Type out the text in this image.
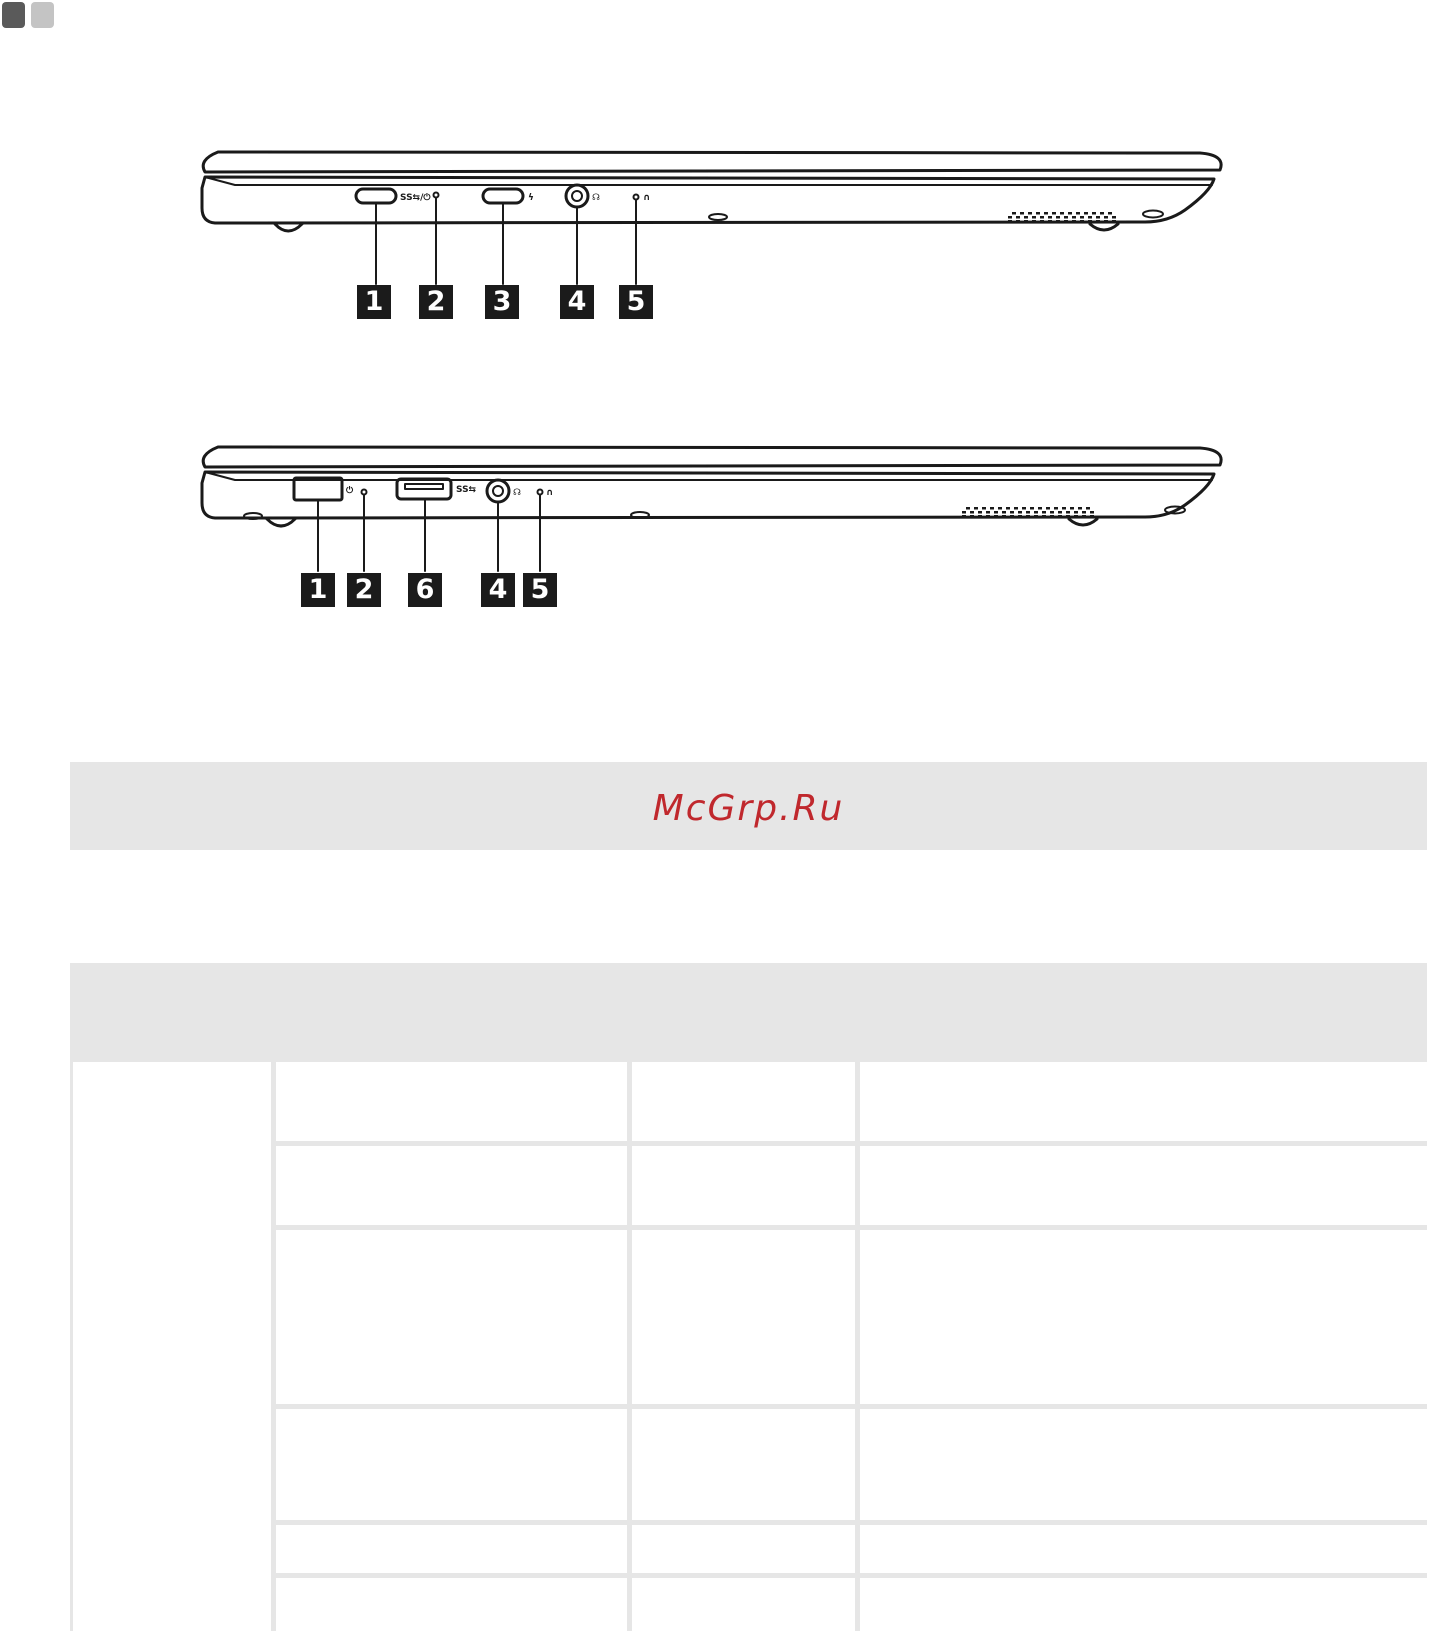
SS⇆/⏻	ϟ	☊	∩
1 2 3 4 5
⏻	SS⇆	☊	∩
1 2 6 4 5
McGrp.Ru
